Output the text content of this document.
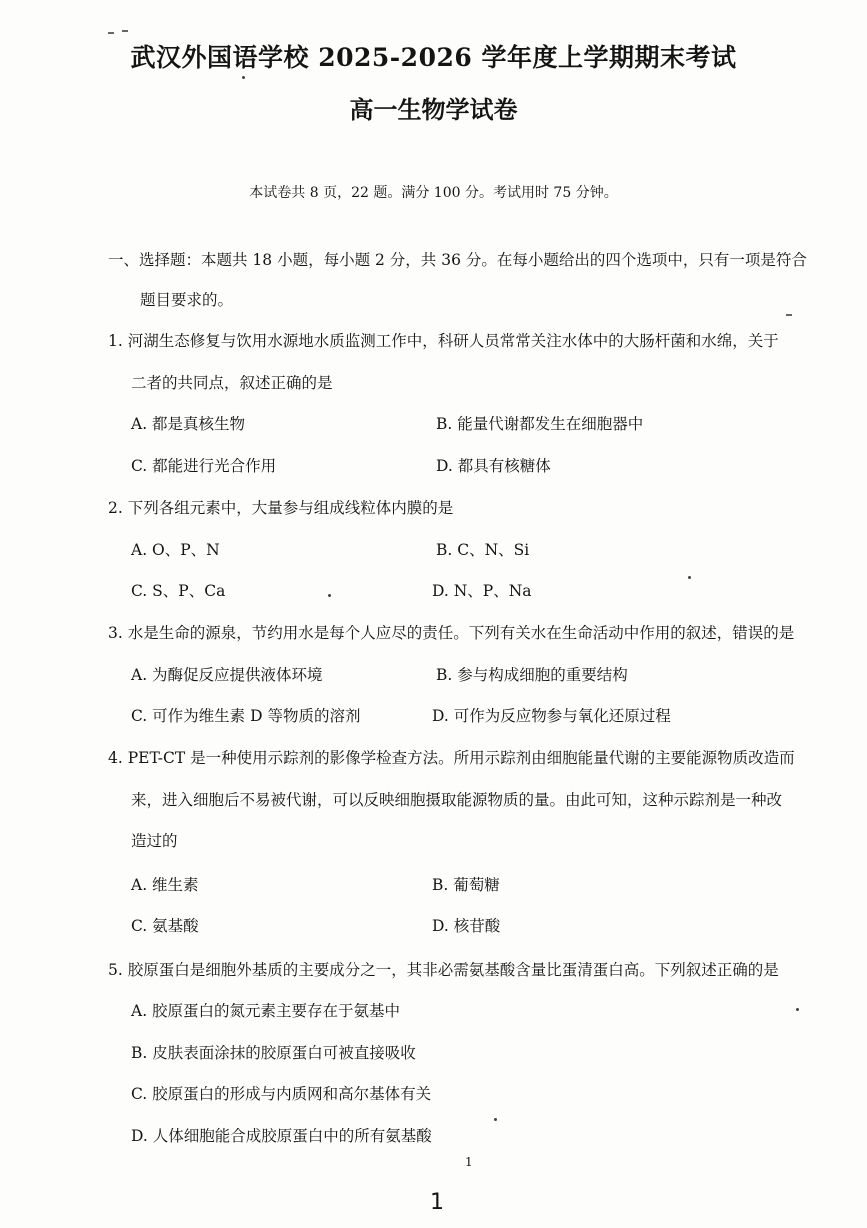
武汉外国语学校 2025-2026 学年度上学期期末考试
高一生物学试卷
本试卷共 8 页，22 题。满分 100 分。考试用时 75 分钟。
一、选择题：本题共 18 小题，每小题 2 分，共 36 分。在每小题给出的四个选项中，只有一项是符合
题目要求的。
1. 河湖生态修复与饮用水源地水质监测工作中，科研人员常常关注水体中的大肠杆菌和水绵，关于
二者的共同点，叙述正确的是
A. 都是真核生物	B. 能量代谢都发生在细胞器中
C. 都能进行光合作用	D. 都具有核糖体
2. 下列各组元素中，大量参与组成线粒体内膜的是
A. O、P、N	B. C、N、Si
C. S、P、Ca	D. N、P、Na
3. 水是生命的源泉，节约用水是每个人应尽的责任。下列有关水在生命活动中作用的叙述，错误的是
A. 为酶促反应提供液体环境	B. 参与构成细胞的重要结构
C. 可作为维生素 D 等物质的溶剂	D. 可作为反应物参与氧化还原过程
4. PET-CT 是一种使用示踪剂的影像学检查方法。所用示踪剂由细胞能量代谢的主要能源物质改造而
来，进入细胞后不易被代谢，可以反映细胞摄取能源物质的量。由此可知，这种示踪剂是一种改
造过的
A. 维生素	B. 葡萄糖
C. 氨基酸	D. 核苷酸
5. 胶原蛋白是细胞外基质的主要成分之一，其非必需氨基酸含量比蛋清蛋白高。下列叙述正确的是
A. 胶原蛋白的氮元素主要存在于氨基中
B. 皮肤表面涂抹的胶原蛋白可被直接吸收
C. 胶原蛋白的形成与内质网和高尔基体有关
D. 人体细胞能合成胶原蛋白中的所有氨基酸
1
1
